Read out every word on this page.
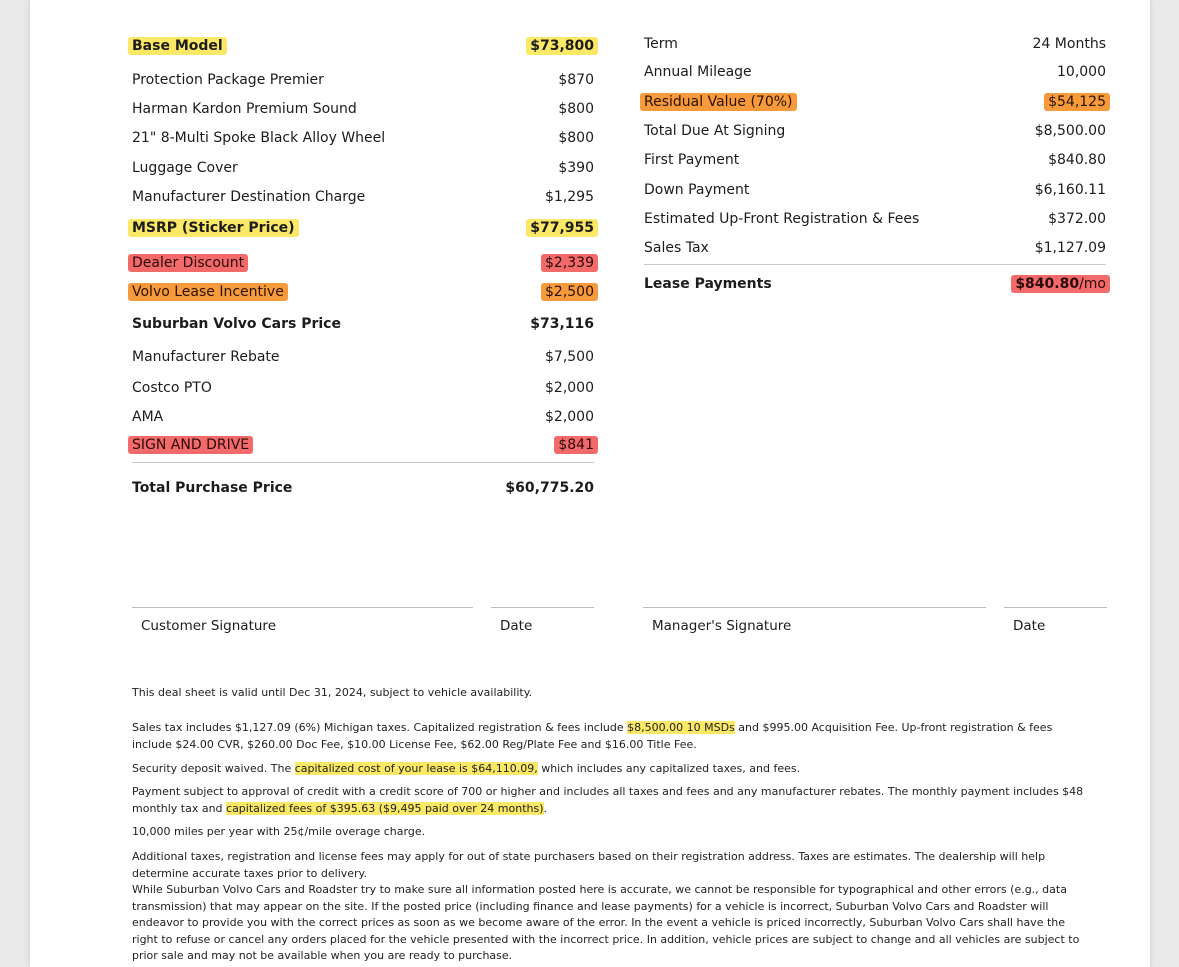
Base Model	$73,800
Protection Package Premier	$870
Harman Kardon Premium Sound	$800
21" 8-Multi Spoke Black Alloy Wheel	$800
Luggage Cover	$390
Manufacturer Destination Charge	$1,295
MSRP (Sticker Price)	$77,955
Dealer Discount	$2,339
Volvo Lease Incentive	$2,500
Suburban Volvo Cars Price	$73,116
Manufacturer Rebate	$7,500
Costco PTO	$2,000
AMA	$2,000
SIGN AND DRIVE	$841
Total Purchase Price	$60,775.20
Term	24 Months
Annual Mileage	10,000
Residual Value (70%)	$54,125
Total Due At Signing	$8,500.00
First Payment	$840.80
Down Payment	$6,160.11
Estimated Up-Front Registration & Fees	$372.00
Sales Tax	$1,127.09
Lease Payments	$840.80/mo
Customer Signature	Date	Manager's Signature	Date

This deal sheet is valid until Dec 31, 2024, subject to vehicle availability.

Sales tax includes $1,127.09 (6%) Michigan taxes. Capitalized registration & fees include $8,500.00 10 MSDs and $995.00 Acquisition Fee. Up-front registration & fees include $24.00 CVR, $260.00 Doc Fee, $10.00 License Fee, $62.00 Reg/Plate Fee and $16.00 Title Fee.

Security deposit waived. The capitalized cost of your lease is $64,110.09, which includes any capitalized taxes, and fees.

Payment subject to approval of credit with a credit score of 700 or higher and includes all taxes and fees and any manufacturer rebates. The monthly payment includes $48 monthly tax and capitalized fees of $395.63 ($9,495 paid over 24 months).

10,000 miles per year with 25¢/mile overage charge.

Additional taxes, registration and license fees may apply for out of state purchasers based on their registration address. Taxes are estimates. The dealership will help determine accurate taxes prior to delivery.

While Suburban Volvo Cars and Roadster try to make sure all information posted here is accurate, we cannot be responsible for typographical and other errors (e.g., data transmission) that may appear on the site. If the posted price (including finance and lease payments) for a vehicle is incorrect, Suburban Volvo Cars and Roadster will endeavor to provide you with the correct prices as soon as we become aware of the error. In the event a vehicle is priced incorrectly, Suburban Volvo Cars shall have the right to refuse or cancel any orders placed for the vehicle presented with the incorrect price. In addition, vehicle prices are subject to change and all vehicles are subject to prior sale and may not be available when you are ready to purchase.
